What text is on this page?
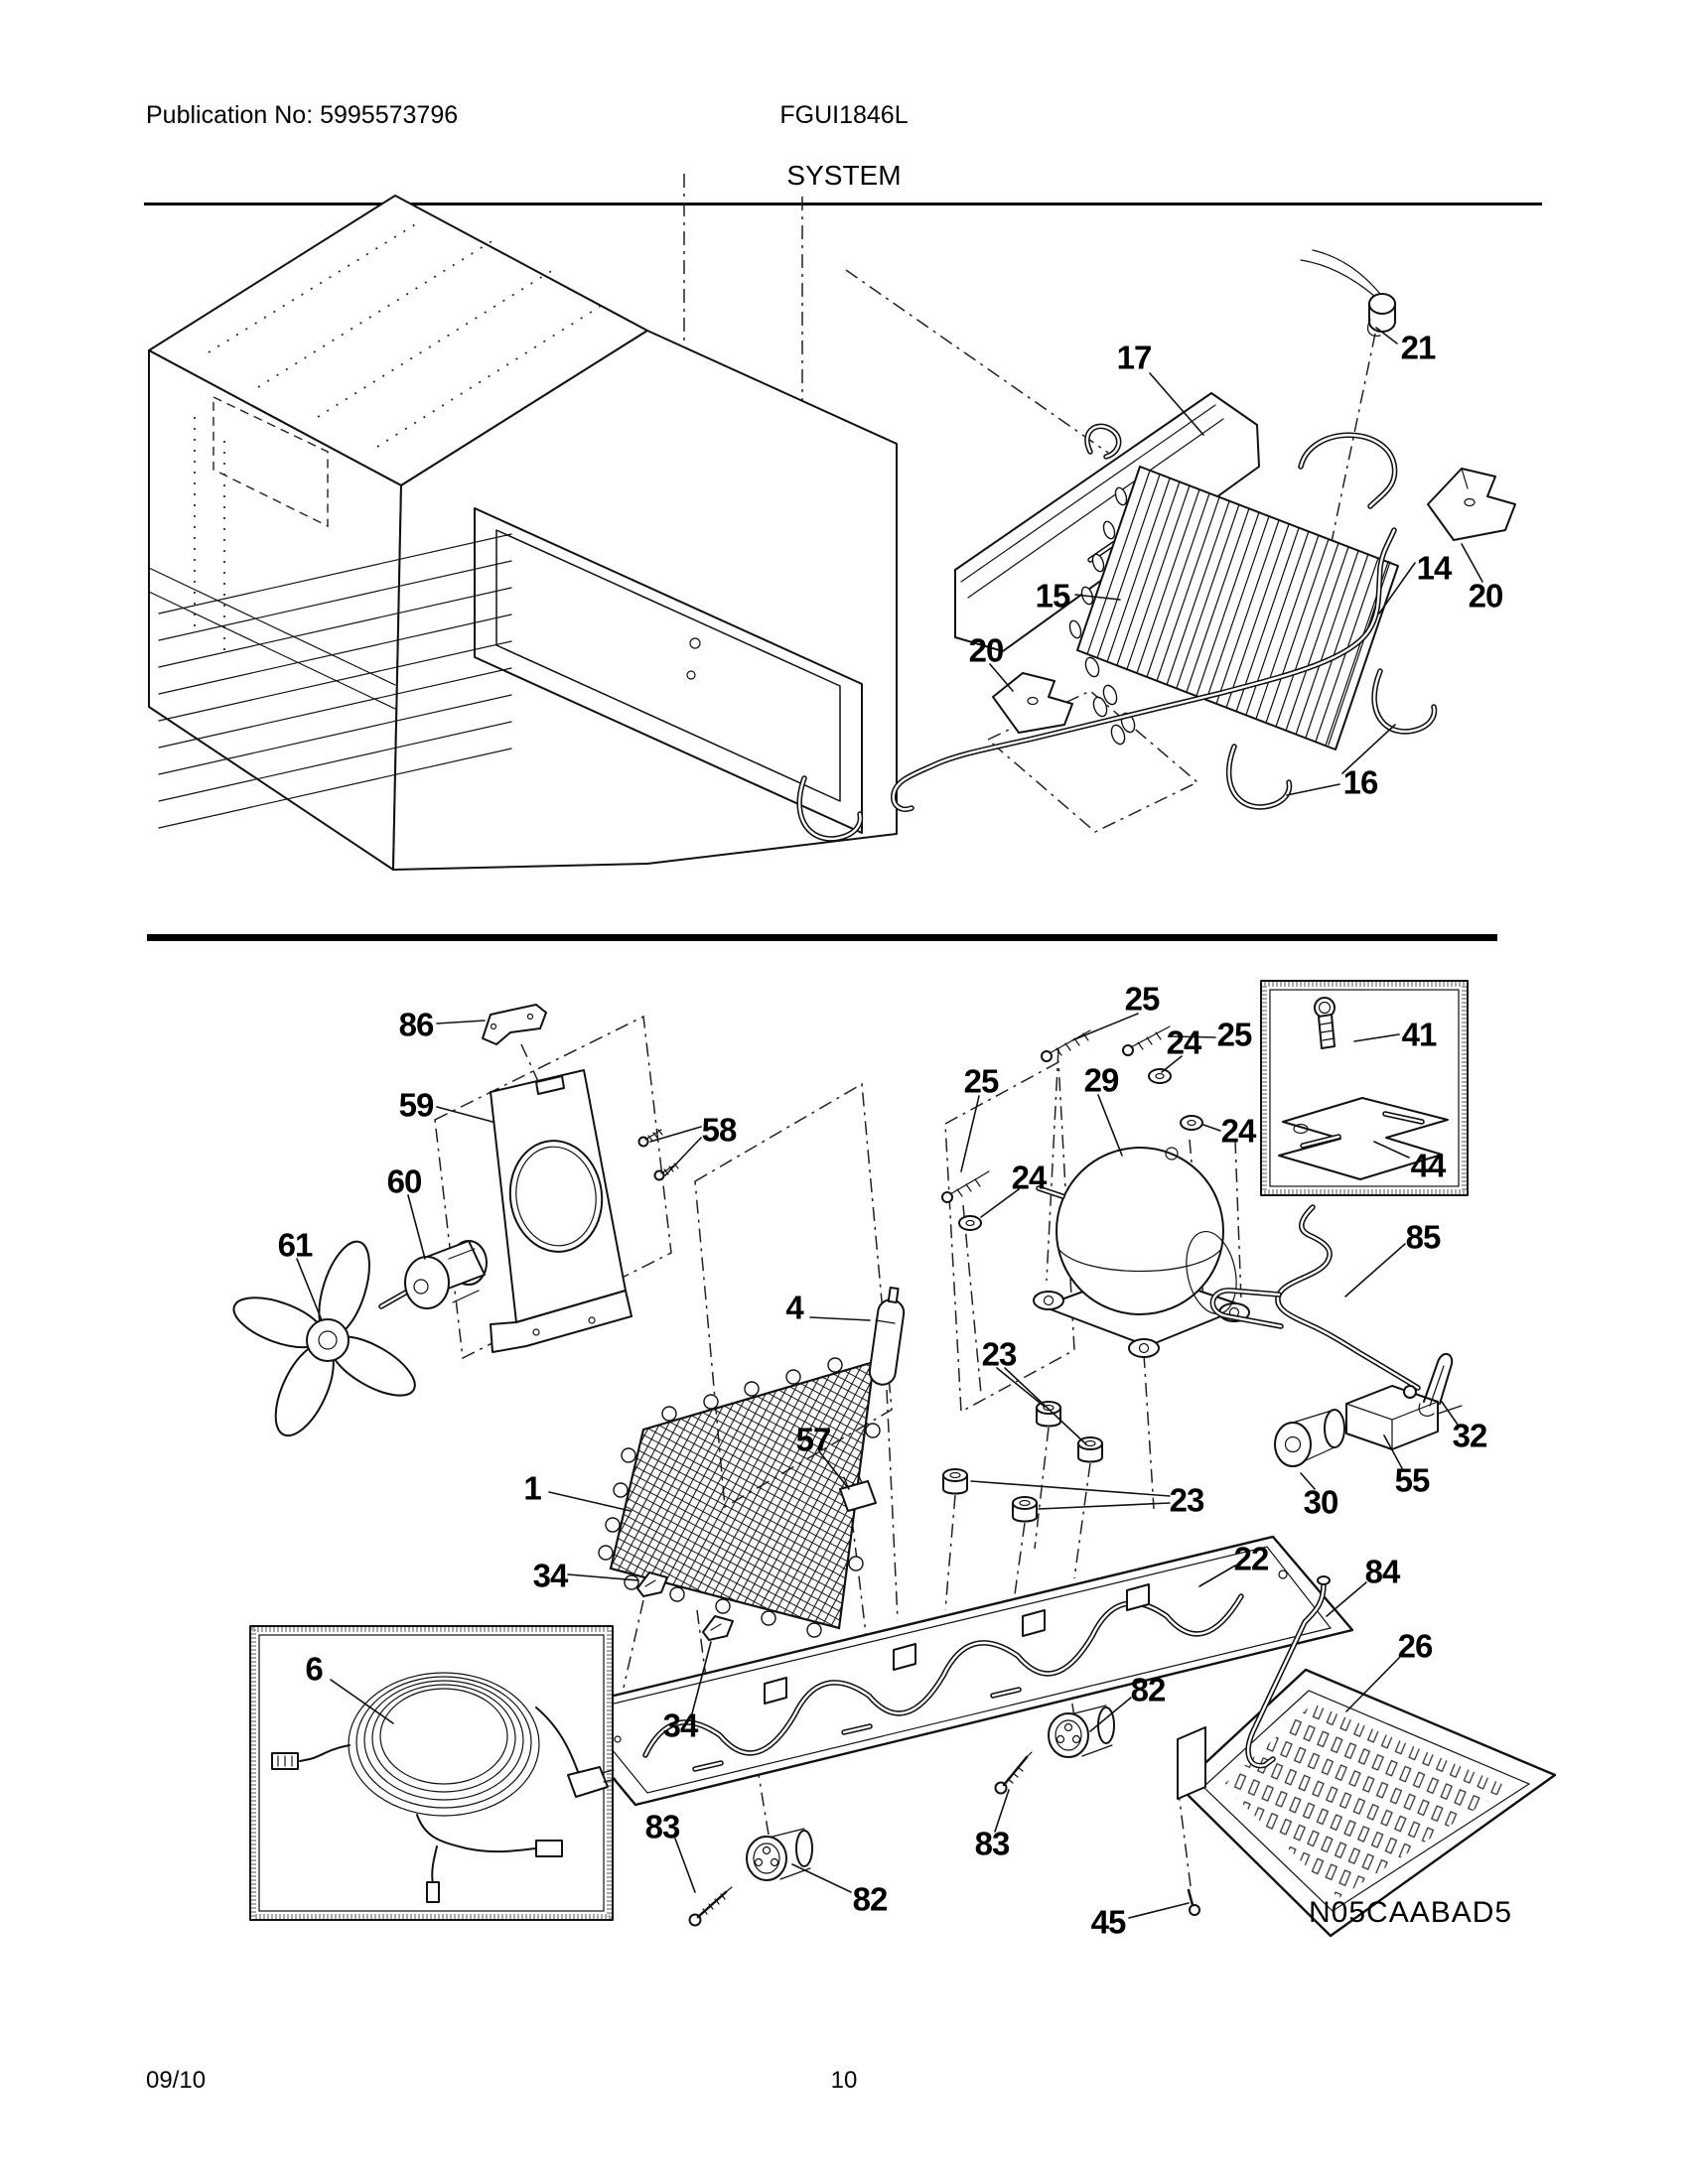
Publication No: 5995573796	FGUI1846L
SYSTEM
17	21
20
14
15
20
16
86
59
58
60
61
25
24 25
29
25
24
24
41
44
85
4
23
57
1
32
55
30
23
34	22	84
26
6
34
82
83	83
82
45	N05CAABAD5
09/10	10
